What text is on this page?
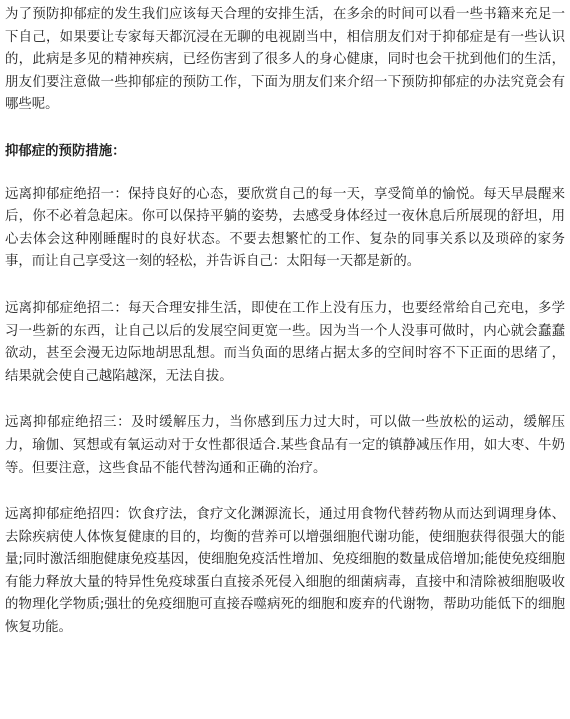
为了预防抑郁症的发生我们应该每天合理的安排生活，在多余的时间可以看一些书籍来充足一下自己，如果要让专家每天都沉浸在无聊的电视剧当中，相信朋友们对于抑郁症是有一些认识的，此病是多见的精神疾病，已经伤害到了很多人的身心健康，同时也会干扰到他们的生活，朋友们要注意做一些抑郁症的预防工作，下面为朋友们来介绍一下预防抑郁症的办法究竟会有哪些呢。

抑郁症的预防措施：

远离抑郁症绝招一：保持良好的心态，要欣赏自己的每一天，享受简单的愉悦。每天早晨醒来后，你不必着急起床。你可以保持平躺的姿势，去感受身体经过一夜休息后所展现的舒坦，用心去体会这种刚睡醒时的良好状态。不要去想繁忙的工作、复杂的同事关系以及琐碎的家务事，而让自己享受这一刻的轻松，并告诉自己：太阳每一天都是新的。

远离抑郁症绝招二：每天合理安排生活，即使在工作上没有压力，也要经常给自己充电，多学习一些新的东西，让自己以后的发展空间更宽一些。因为当一个人没事可做时，内心就会蠢蠢欲动，甚至会漫无边际地胡思乱想。而当负面的思绪占据太多的空间时容不下正面的思绪了，结果就会使自己越陷越深，无法自拔。

远离抑郁症绝招三：及时缓解压力，当你感到压力过大时，可以做一些放松的运动，缓解压力，瑜伽、冥想或有氧运动对于女性都很适合.某些食品有一定的镇静减压作用，如大枣、牛奶等。但要注意，这些食品不能代替沟通和正确的治疗。

远离抑郁症绝招四：饮食疗法，食疗文化渊源流长，通过用食物代替药物从而达到调理身体、去除疾病使人体恢复健康的目的，均衡的营养可以增强细胞代谢功能，使细胞获得很强大的能量;同时激活细胞健康免疫基因，使细胞免疫活性增加、免疫细胞的数量成倍增加;能使免疫细胞有能力释放大量的特异性免疫球蛋白直接杀死侵入细胞的细菌病毒，直接中和清除被细胞吸收的物理化学物质;强壮的免疫细胞可直接吞噬病死的细胞和废弃的代谢物，帮助功能低下的细胞恢复功能。
